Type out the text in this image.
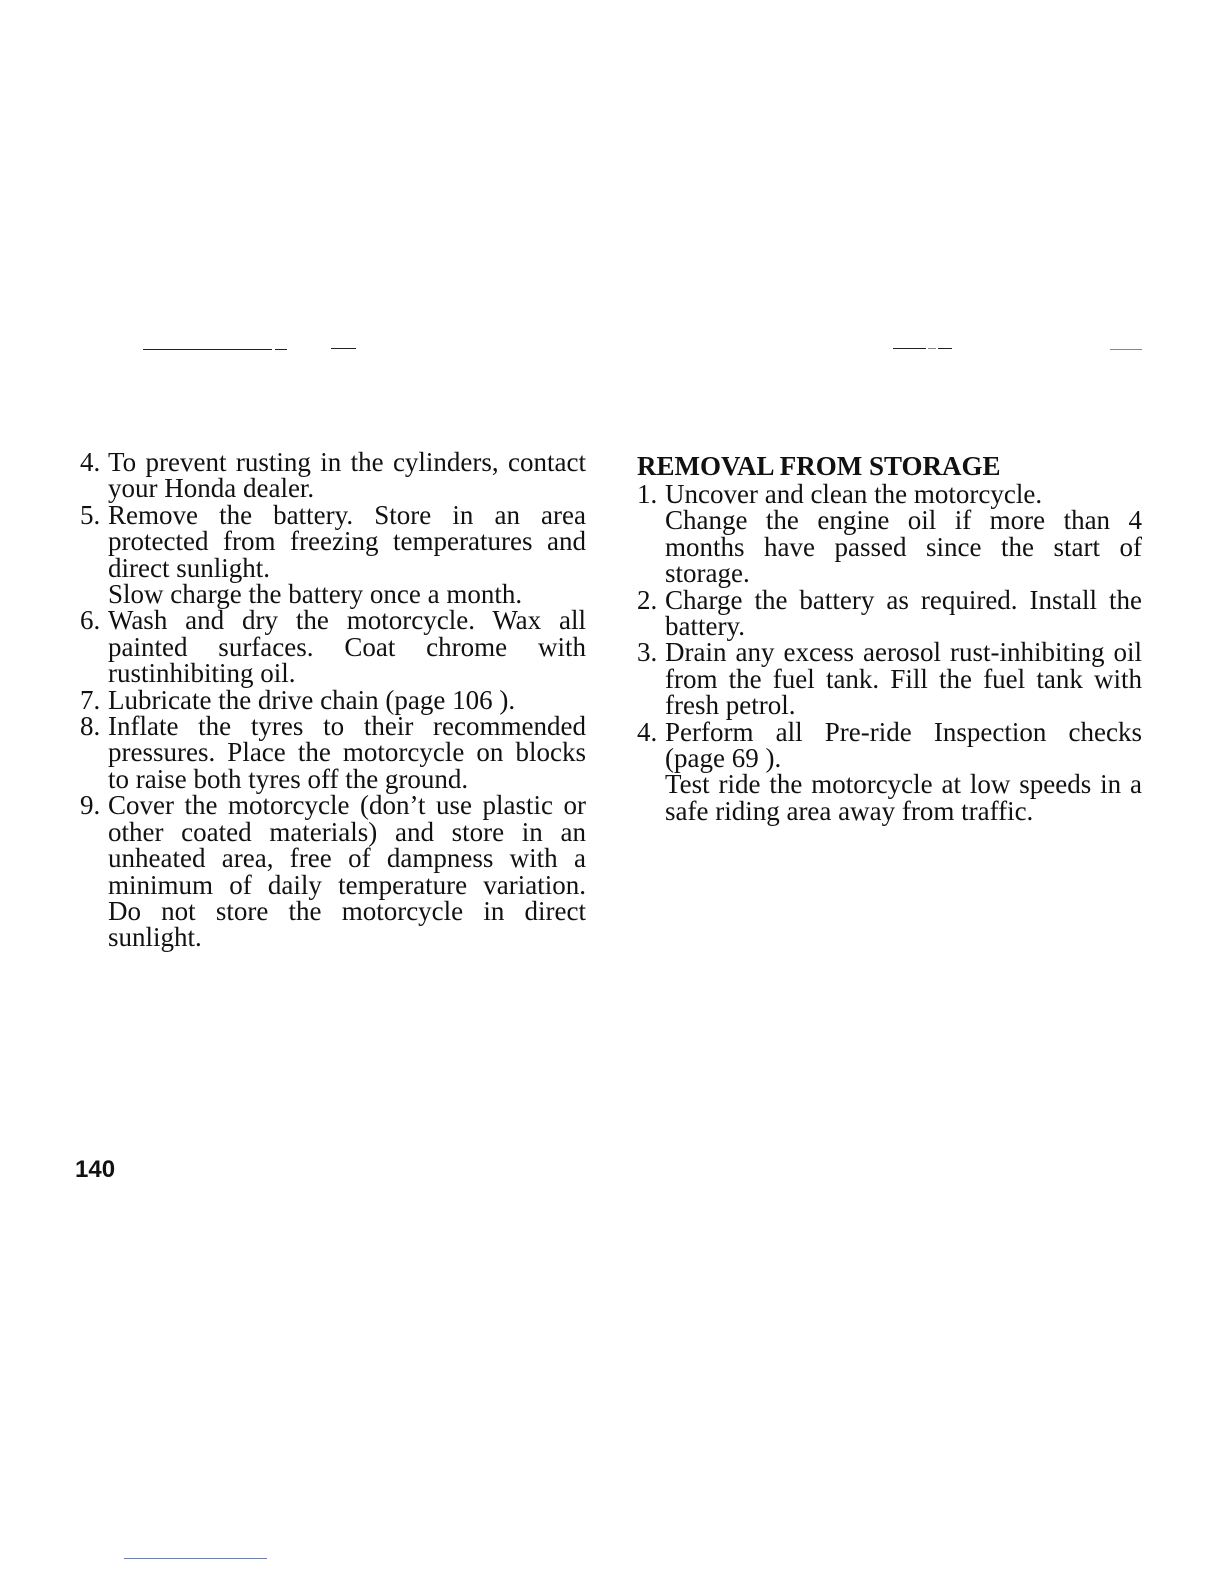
4. To prevent rusting in the cylinders, contact your Honda dealer.
5. Remove the battery. Store in an area protected from freezing temperatures and direct sunlight.
Slow charge the battery once a month.
6. Wash and dry the motorcycle. Wax all painted surfaces. Coat chrome with rustinhibiting oil.
7. Lubricate the drive chain (page 106 ).
8. Inflate the tyres to their recommended pressures. Place the motorcycle on blocks to raise both tyres off the ground.
9. Cover the motorcycle (don’t use plastic or other coated materials) and store in an unheated area, free of dampness with a minimum of daily temperature variation. Do not store the motorcycle in direct sunlight.
REMOVAL FROM STORAGE
1. Uncover and clean the motorcycle.
Change the engine oil if more than 4 months have passed since the start of storage.
2. Charge the battery as required. Install the battery.
3. Drain any excess aerosol rust-inhibiting oil from the fuel tank. Fill the fuel tank with fresh petrol.
4. Perform all Pre-ride Inspection checks (page 69 ).
Test ride the motorcycle at low speeds in a safe riding area away from traffic.
140
